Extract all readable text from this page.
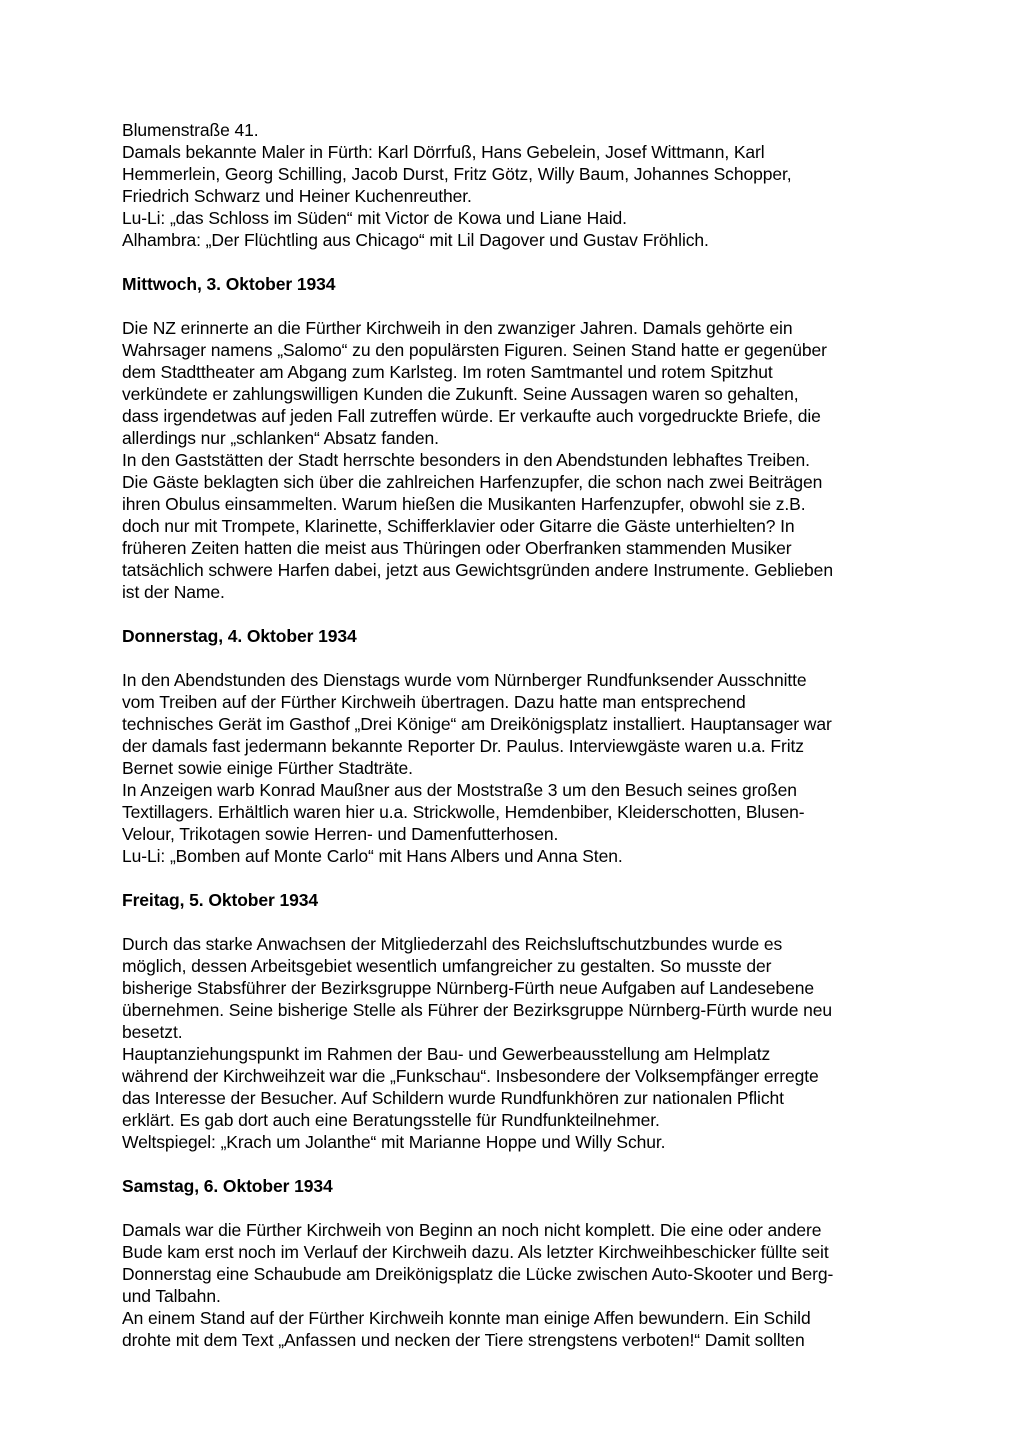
Blumenstraße 41.
Damals bekannte Maler in Fürth: Karl Dörrfuß, Hans Gebelein, Josef Wittmann, Karl
Hemmerlein, Georg Schilling, Jacob Durst, Fritz Götz, Willy Baum, Johannes Schopper,
Friedrich Schwarz und Heiner Kuchenreuther.
Lu-Li: „das Schloss im Süden“ mit Victor de Kowa und Liane Haid.
Alhambra: „Der Flüchtling aus Chicago“ mit Lil Dagover und Gustav Fröhlich.
Mittwoch, 3. Oktober 1934
Die NZ erinnerte an die Fürther Kirchweih in den zwanziger Jahren. Damals gehörte ein
Wahrsager namens „Salomo“ zu den populärsten Figuren. Seinen Stand hatte er gegenüber
dem Stadttheater am Abgang zum Karlsteg. Im roten Samtmantel und rotem Spitzhut
verkündete er zahlungswilligen Kunden die Zukunft. Seine Aussagen waren so gehalten,
dass irgendetwas auf jeden Fall zutreffen würde. Er verkaufte auch vorgedruckte Briefe, die
allerdings nur „schlanken“ Absatz fanden.
In den Gaststätten der Stadt herrschte besonders in den Abendstunden lebhaftes Treiben.
Die Gäste beklagten sich über die zahlreichen Harfenzupfer, die schon nach zwei Beiträgen
ihren Obulus einsammelten. Warum hießen die Musikanten Harfenzupfer, obwohl sie z.B.
doch nur mit Trompete, Klarinette, Schifferklavier oder Gitarre die Gäste unterhielten? In
früheren Zeiten hatten die meist aus Thüringen oder Oberfranken stammenden Musiker
tatsächlich schwere Harfen dabei, jetzt aus Gewichtsgründen andere Instrumente. Geblieben
ist der Name.
Donnerstag, 4. Oktober 1934
In den Abendstunden des Dienstags wurde vom Nürnberger Rundfunksender Ausschnitte
vom Treiben auf der Fürther Kirchweih übertragen. Dazu hatte man entsprechend
technisches Gerät im Gasthof „Drei Könige“ am Dreikönigsplatz installiert. Hauptansager war
der damals fast jedermann bekannte Reporter Dr. Paulus. Interviewgäste waren u.a. Fritz
Bernet sowie einige Fürther Stadträte.
In Anzeigen warb Konrad Maußner aus der Moststraße 3 um den Besuch seines großen
Textillagers. Erhältlich waren hier u.a. Strickwolle, Hemdenbiber, Kleiderschotten, Blusen-
Velour, Trikotagen sowie Herren- und Damenfutterhosen.
Lu-Li: „Bomben auf Monte Carlo“ mit Hans Albers und Anna Sten.
Freitag, 5. Oktober 1934
Durch das starke Anwachsen der Mitgliederzahl des Reichsluftschutzbundes wurde es
möglich, dessen Arbeitsgebiet wesentlich umfangreicher zu gestalten. So musste der
bisherige Stabsführer der Bezirksgruppe Nürnberg-Fürth neue Aufgaben auf Landesebene
übernehmen. Seine bisherige Stelle als Führer der Bezirksgruppe Nürnberg-Fürth wurde neu
besetzt.
Hauptanziehungspunkt im Rahmen der Bau- und Gewerbeausstellung am Helmplatz
während der Kirchweihzeit war die „Funkschau“. Insbesondere der Volksempfänger erregte
das Interesse der Besucher. Auf Schildern wurde Rundfunkhören zur nationalen Pflicht
erklärt. Es gab dort auch eine Beratungsstelle für Rundfunkteilnehmer.
Weltspiegel: „Krach um Jolanthe“ mit Marianne Hoppe und Willy Schur.
Samstag, 6. Oktober 1934
Damals war die Fürther Kirchweih von Beginn an noch nicht komplett. Die eine oder andere
Bude kam erst noch im Verlauf der Kirchweih dazu. Als letzter Kirchweihbeschicker füllte seit
Donnerstag eine Schaubude am Dreikönigsplatz die Lücke zwischen Auto-Skooter und Berg-
und Talbahn.
An einem Stand auf der Fürther Kirchweih konnte man einige Affen bewundern. Ein Schild
drohte mit dem Text „Anfassen und necken der Tiere strengstens verboten!“ Damit sollten
